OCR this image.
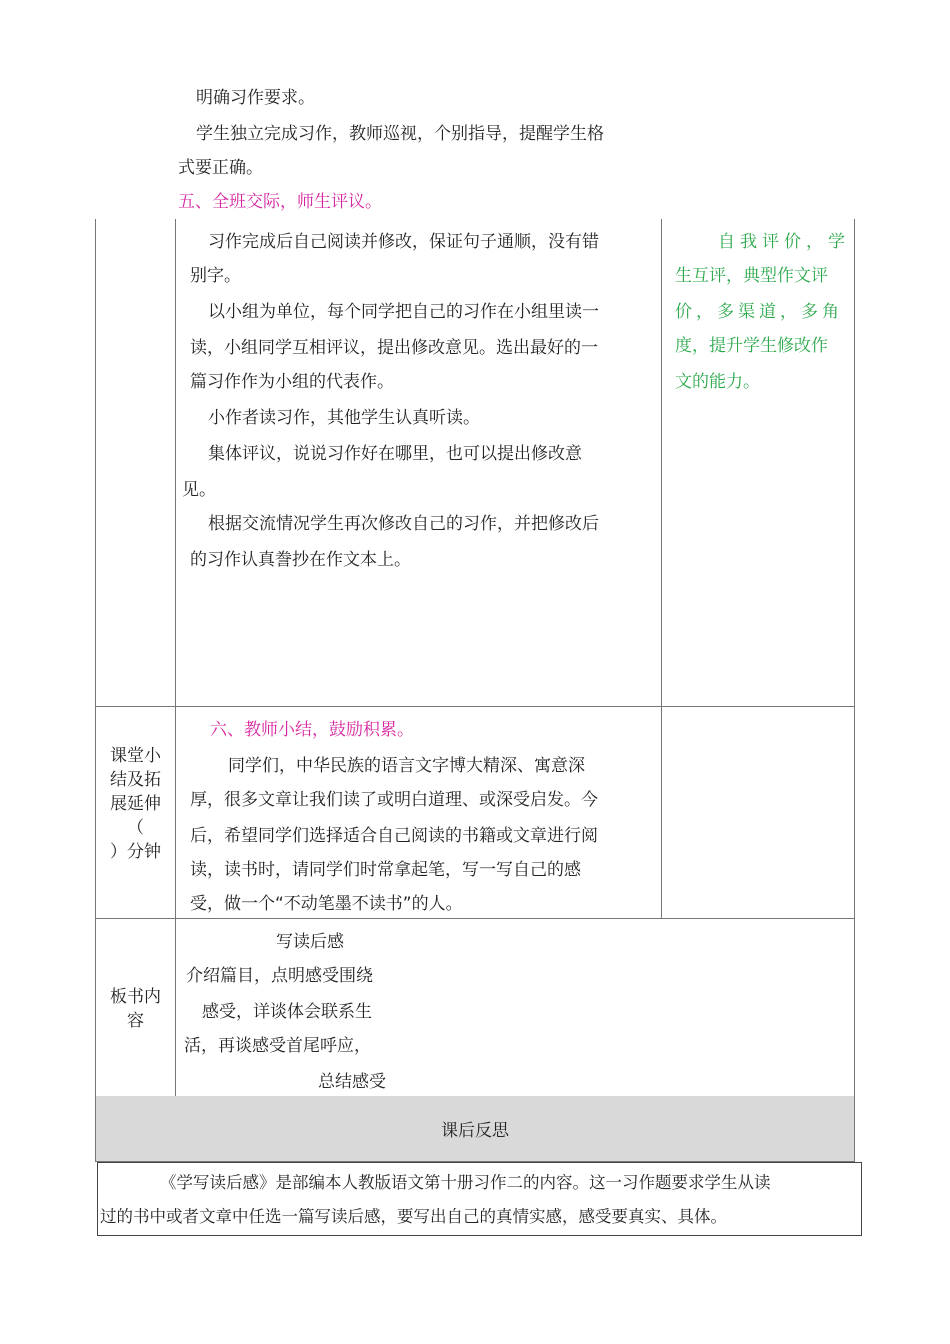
明确习作要求。
学生独立完成习作，教师巡视，个别指导，提醒学生格
式要正确。
五、全班交际，师生评议。
习作完成后自己阅读并修改，保证句子通顺，没有错
别字。
以小组为单位，每个同学把自己的习作在小组里读一
读，小组同学互相评议，提出修改意见。选出最好的一
篇习作作为小组的代表作。
小作者读习作，其他学生认真听读。
集体评议，说说习作好在哪里，也可以提出修改意
见。
根据交流情况学生再次修改自己的习作，并把修改后
的习作认真誊抄在作文本上。
自我评价，学
生互评，典型作文评
价，多渠道，多角
度，提升学生修改作
文的能力。
课堂小
结及拓
展延伸
（
）分钟
六、教师小结，鼓励积累。
同学们，中华民族的语言文字博大精深、寓意深
厚，很多文章让我们读了或明白道理、或深受启发。今
后，希望同学们选择适合自己阅读的书籍或文章进行阅
读，读书时，请同学们时常拿起笔，写一写自己的感
受，做一个“不动笔墨不读书”的人。
板书内
容
写读后感
介绍篇目，点明感受围绕
感受，详谈体会联系生
活，再谈感受首尾呼应，
总结感受
课后反思
《学写读后感》是部编本人教版语文第十册习作二的内容。这一习作题要求学生从读
过的书中或者文章中任选一篇写读后感，要写出自己的真情实感，感受要真实、具体。
